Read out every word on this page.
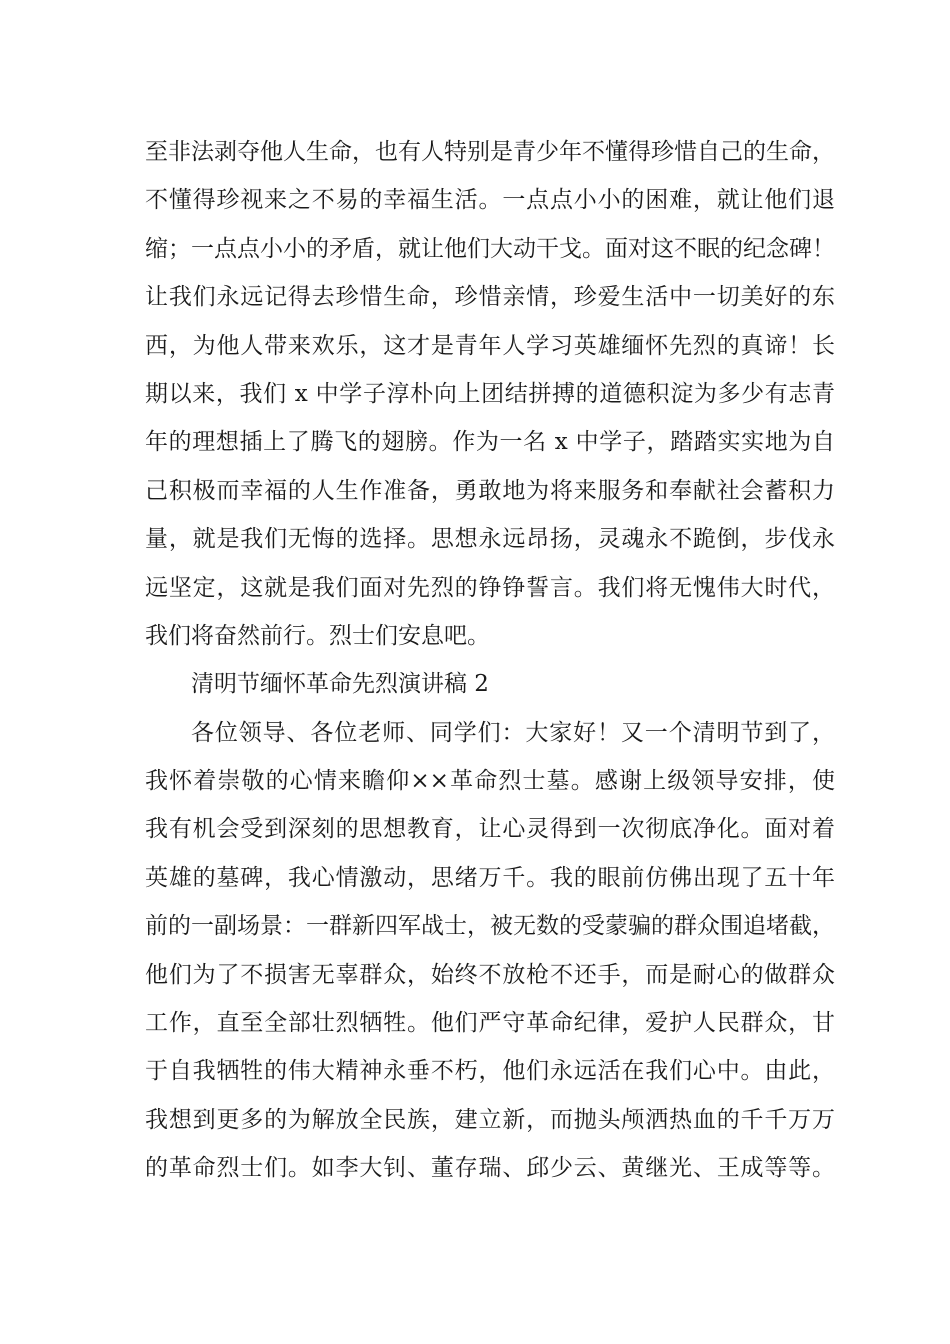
至非法剥夺他人生命，也有人特别是青少年不懂得珍惜自己的生命，
不懂得珍视来之不易的幸福生活。一点点小小的困难，就让他们退
缩；一点点小小的矛盾，就让他们大动干戈。面对这不眠的纪念碑！
让我们永远记得去珍惜生命，珍惜亲情，珍爱生活中一切美好的东
西，为他人带来欢乐，这才是青年人学习英雄缅怀先烈的真谛！长
期以来，我们 x 中学子淳朴向上团结拼搏的道德积淀为多少有志青
年的理想插上了腾飞的翅膀。作为一名 x 中学子，踏踏实实地为自
己积极而幸福的人生作准备，勇敢地为将来服务和奉献社会蓄积力
量，就是我们无悔的选择。思想永远昂扬，灵魂永不跪倒，步伐永
远坚定，这就是我们面对先烈的铮铮誓言。我们将无愧伟大时代，
我们将奋然前行。烈士们安息吧。
清明节缅怀革命先烈演讲稿 2
各位领导、各位老师、同学们：大家好！又一个清明节到了，
我怀着崇敬的心情来瞻仰××革命烈士墓。感谢上级领导安排，使
我有机会受到深刻的思想教育，让心灵得到一次彻底净化。面对着
英雄的墓碑，我心情激动，思绪万千。我的眼前仿佛出现了五十年
前的一副场景：一群新四军战士，被无数的受蒙骗的群众围追堵截，
他们为了不损害无辜群众，始终不放枪不还手，而是耐心的做群众
工作，直至全部壮烈牺牲。他们严守革命纪律，爱护人民群众，甘
于自我牺牲的伟大精神永垂不朽，他们永远活在我们心中。由此，
我想到更多的为解放全民族，建立新，而抛头颅洒热血的千千万万
的革命烈士们。如李大钊、董存瑞、邱少云、黄继光、王成等等。
